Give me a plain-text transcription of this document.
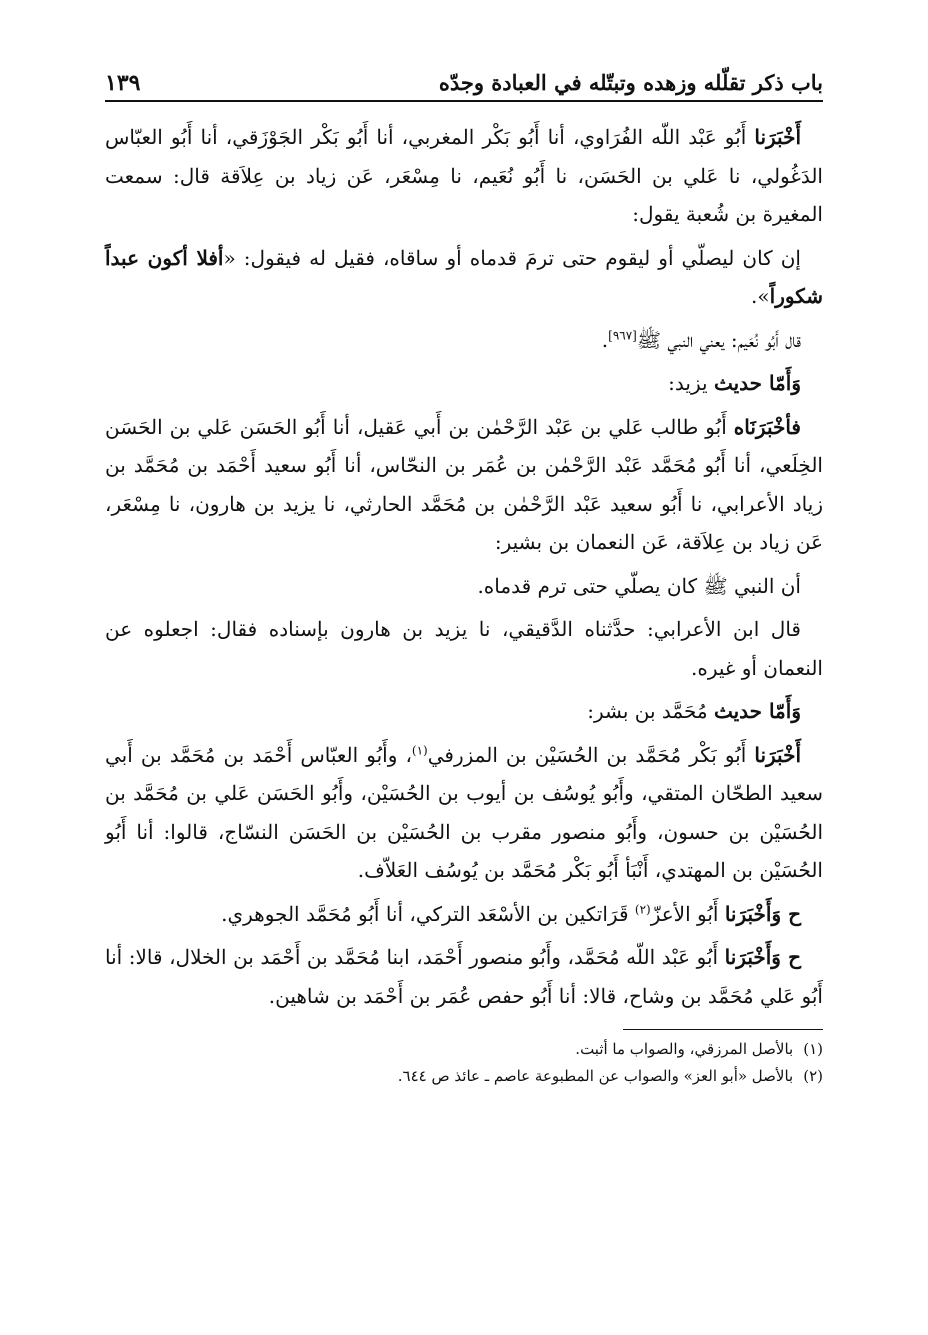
باب ذكر تقلّله وزهده وتبتّله في العبادة وجدّه
١٣٩

أَخْبَرَنا أَبُو عَبْد اللّه الفُرَاوي، أنا أَبُو بَكْر المغربي، أنا أَبُو بَكْر الجَوْزَقي، أنا أَبُو العبّاس الدَغُولي، نا عَلي بن الحَسَن، نا أَبُو نُعَيم، نا مِسْعَر، عَن زياد بن عِلاَقة قال: سمعت المغيرة بن شُعبة يقول:

إن كان ليصلّي أو ليقوم حتى ترمَ قدماه أو ساقاه، فقيل له فيقول: «أفلا أكون عبداً شكوراً».

قال أَبُو نُعَيم: يعني النبي ﷺ[٩٦٧].

وَأَمّا حديث يزيد:

فأخْبَرَنَاه أَبُو طالب عَلي بن عَبْد الرَّحْمٰن بن أَبي عَقيل، أنا أَبُو الحَسَن عَلي بن الحَسَن الخِلَعي، أنا أَبُو مُحَمَّد عَبْد الرَّحْمٰن بن عُمَر بن النحّاس، أنا أَبُو سعيد أَحْمَد بن مُحَمَّد بن زياد الأعرابي، نا أَبُو سعيد عَبْد الرَّحْمٰن بن مُحَمَّد الحارثي، نا يزيد بن هارون، نا مِسْعَر، عَن زياد بن عِلاَقة، عَن النعمان بن بشير:

أن النبي ﷺ كان يصلّي حتى ترم قدماه.

قال ابن الأعرابي: حدَّثناه الدَّقيقي، نا يزيد بن هارون بإسناده فقال: اجعلوه عن النعمان أو غيره.

وَأَمّا حديث مُحَمَّد بن بشر:

أَخْبَرَنا أَبُو بَكْر مُحَمَّد بن الحُسَيْن بن المزرفي$^{(١)}$، وأَبُو العبّاس أَحْمَد بن مُحَمَّد بن أَبي سعيد الطحّان المتقي، وأَبُو يُوسُف بن أيوب بن الحُسَيْن، وأَبُو الحَسَن عَلي بن مُحَمَّد بن الحُسَيْن بن حسون، وأَبُو منصور مقرب بن الحُسَيْن بن الحَسَن النسّاج، قالوا: أنا أَبُو الحُسَيْن بن المهتدي، أَنْبَأ أَبُو بَكْر مُحَمَّد بن يُوسُف العَلاّف.

ح وَأَخْبَرَنا أَبُو الأعزّ$^{(٢)}$ قَرَاتكين بن الأسْعَد التركي، أنا أَبُو مُحَمَّد الجوهري.

ح وَأَخْبَرَنا أَبُو عَبْد اللّه مُحَمَّد، وأَبُو منصور أَحْمَد، ابنا مُحَمَّد بن أَحْمَد بن الخلال، قالا: أنا أَبُو عَلي مُحَمَّد بن وشاح، قالا: أنا أَبُو حفص عُمَر بن أَحْمَد بن شاهين.

(١)
بالأصل المرزقي، والصواب ما أثبت.
(٢)
بالأصل «أبو العز» والصواب عن المطبوعة عاصم ـ عائذ ص ٦٤٤.
